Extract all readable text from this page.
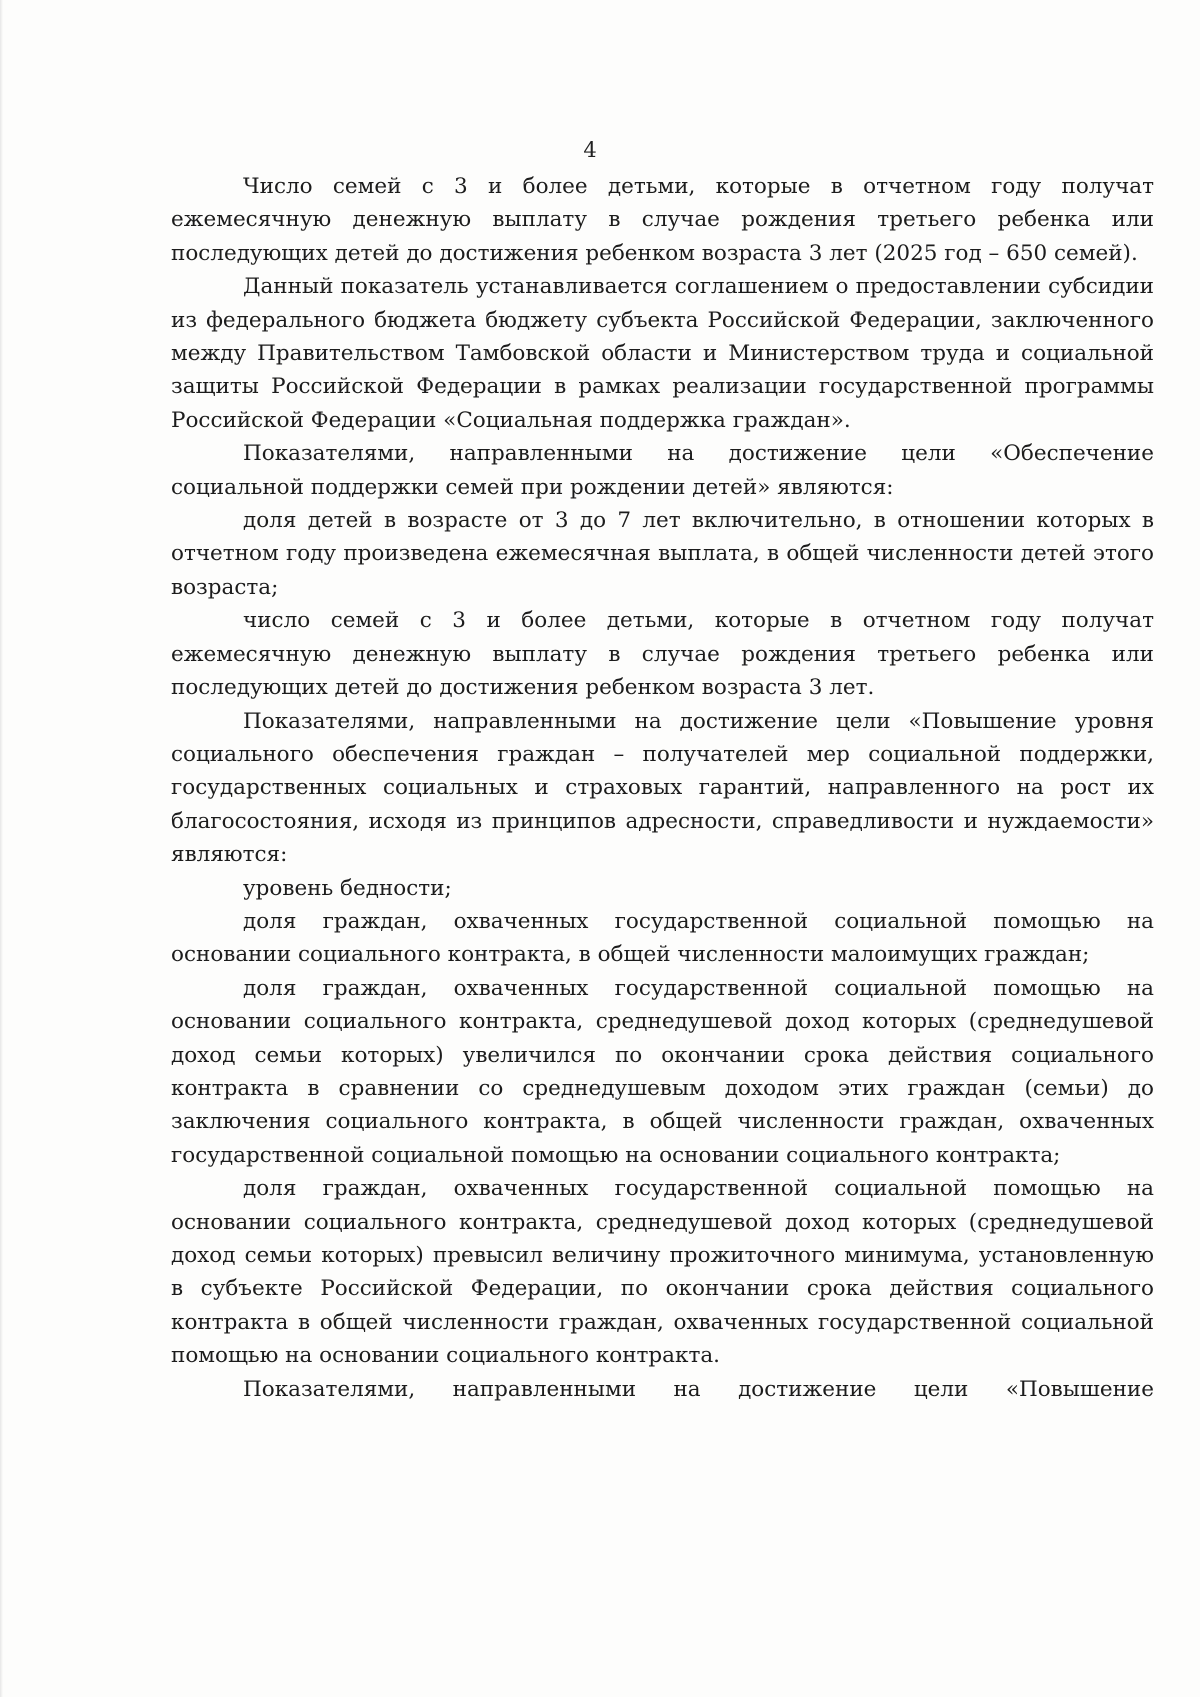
4

Число семей с 3 и более детьми, которые в отчетном году получат ежемесячную денежную выплату в случае рождения третьего ребенка или последующих детей до достижения ребенком возраста 3 лет (2025 год – 650 семей).

Данный показатель устанавливается соглашением о предоставлении субсидии из федерального бюджета бюджету субъекта Российской Федерации, заключенного между Правительством Тамбовской области и Министерством труда и социальной защиты Российской Федерации в рамках реализации государственной программы Российской Федерации «Социальная поддержка граждан».

Показателями, направленными на достижение цели «Обеспечение социальной поддержки семей при рождении детей» являются:

доля детей в возрасте от 3 до 7 лет включительно, в отношении которых в отчетном году произведена ежемесячная выплата, в общей численности детей этого возраста;

число семей с 3 и более детьми, которые в отчетном году получат ежемесячную денежную выплату в случае рождения третьего ребенка или последующих детей до достижения ребенком возраста 3 лет.

Показателями, направленными на достижение цели «Повышение уровня социального обеспечения граждан – получателей мер социальной поддержки, государственных социальных и страховых гарантий, направленного на рост их благосостояния, исходя из принципов адресности, справедливости и нуждаемости» являются:

уровень бедности;

доля граждан, охваченных государственной социальной помощью на основании социального контракта, в общей численности малоимущих граждан;

доля граждан, охваченных государственной социальной помощью на основании социального контракта, среднедушевой доход которых (среднедушевой доход семьи которых) увеличился по окончании срока действия социального контракта в сравнении со среднедушевым доходом этих граждан (семьи) до заключения социального контракта, в общей численности граждан, охваченных государственной социальной помощью на основании социального контракта;

доля граждан, охваченных государственной социальной помощью на основании социального контракта, среднедушевой доход которых (среднедушевой доход семьи которых) превысил величину прожиточного минимума, установленную в субъекте Российской Федерации, по окончании срока действия социального контракта в общей численности граждан, охваченных государственной социальной помощью на основании социального контракта.

Показателями, направленными на достижение цели «Повышение
